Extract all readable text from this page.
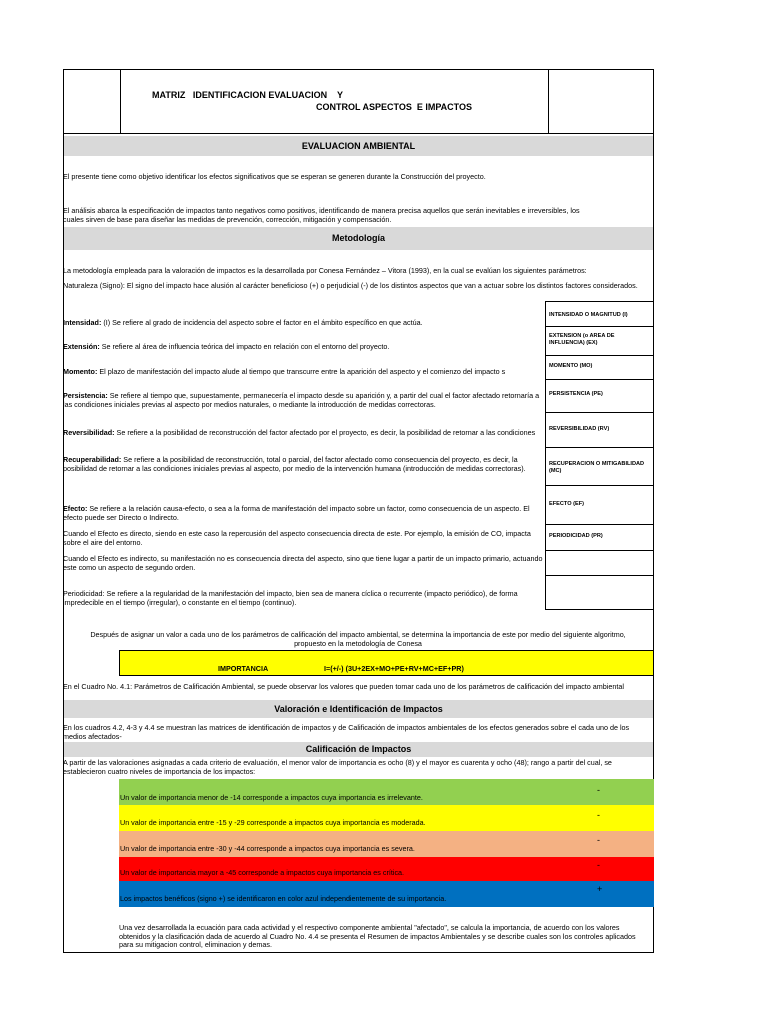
MATRIZ   IDENTIFICACION EVALUACION    Y
CONTROL ASPECTOS  E IMPACTOS
EVALUACION AMBIENTAL
El presente tiene como objetivo identificar los efectos significativos que se esperan se generen durante la Construcción del proyecto.
El análisis abarca la especificación de impactos tanto negativos como positivos, identificando de manera precisa aquellos que serán inevitables e irreversibles, los
cuales sirven de base para diseñar las medidas de prevención, corrección, mitigación y compensación.
Metodología
La metodología empleada para la valoración de impactos es la desarrollada por Conesa Fernández – Vitora (1993), en la cual se evalúan los siguientes parámetros:
Naturaleza (Signo): El signo del impacto hace alusión al carácter beneficioso (+) o perjudicial (-) de los distintos aspectos que van a actuar sobre los distintos factores considerados.
INTENSIDAD O MAGNITUD (I)
EXTENSION (o AREA DE INFLUENCIA) (EX)
MOMENTO (MO)
PERSISTENCIA (PE)
REVERSIBILIDAD (RV)
RECUPERACION O MITIGABILIDAD (MC)
EFECTO (EF)
PERIODICIDAD (PR)
Intensidad: (I) Se refiere al grado de incidencia del aspecto sobre el factor en el ámbito específico en que actúa.
Extensión: Se refiere al área de influencia teórica del impacto en relación con el entorno del proyecto.
Momento: El plazo de manifestación del impacto alude al tiempo que transcurre entre la aparición del aspecto y el comienzo del impacto s
Persistencia: Se refiere al tiempo que, supuestamente, permanecería el impacto desde su aparición y, a partir del cual el factor afectado retornaría a las condiciones iniciales previas al aspecto por medios naturales, o mediante la introducción de medidas correctoras.
Reversibilidad: Se refiere a la posibilidad de reconstrucción del factor afectado por el proyecto, es decir, la posibilidad de retornar a las condiciones
Recuperabilidad: Se refiere a la posibilidad de reconstrucción, total o parcial, del factor afectado como consecuencia del proyecto, es decir, la posibilidad de retornar a las condiciones iniciales previas al aspecto, por medio de la intervención humana (introducción de medidas correctoras).
Efecto: Se refiere a la relación causa-efecto, o sea a la forma de manifestación del impacto sobre un factor, como consecuencia de un aspecto. El efecto puede ser Directo o Indirecto.
Cuando el Efecto es directo, siendo en este caso la repercusión del aspecto consecuencia directa de este. Por ejemplo, la emisión de CO, impacta sobre el aire del entorno.
Cuando el Efecto es indirecto, su manifestación no es consecuencia directa del aspecto, sino que tiene lugar a partir de un impacto primario, actuando este como un aspecto de segundo orden.
Periodicidad: Se refiere a la regularidad de la manifestación del impacto, bien sea de manera cíclica o recurrente (impacto periódico), de forma impredecible en el tiempo (irregular), o constante en el tiempo (continuo).
Después de asignar un valor a cada uno de los parámetros de calificación del impacto ambiental, se determina la importancia de este por medio del siguiente algoritmo,
propuesto en la metodología de Conesa
IMPORTANCIA	I=(+/-) (3U+2EX+MO+PE+RV+MC+EF+PR)
En el Cuadro No. 4.1: Parámetros de Calificación Ambiental, se puede observar los valores que pueden tomar cada uno de los parámetros de calificación del impacto ambiental
Valoración e Identificación de Impactos
En los cuadros 4.2, 4-3 y 4.4 se muestran las matrices de identificación de impactos y de Calificación de impactos ambientales de los efectos generados sobre el cada uno de los medios afectados-
Calificación de Impactos
A partir de las valoraciones asignadas a cada criterio de evaluación, el menor valor de importancia es ocho (8) y el mayor es cuarenta y ocho (48); rango a partir del cual, se establecieron cuatro niveles de importancia de los impactos:
Un valor de importancia menor de -14 corresponde a impactos cuya importancia es irrelevante.
-
Un valor de importancia entre -15 y -29 corresponde a impactos cuya importancia es moderada.
-
Un valor de importancia entre -30 y -44 corresponde a impactos cuya importancia es severa.
-
Un valor de importancia mayor a -45 corresponde a impactos cuya importancia es crítica.
-
Los impactos benéficos (signo +) se identificaron en color azul independientemente de su importancia.
+
Una vez desarrollada la ecuación para cada actividad y el respectivo componente ambiental "afectado", se calcula la importancia, de acuerdo con los valores obtenidos y la clasificación dada de acuerdo al Cuadro No. 4.4 se presenta el Resumen de impactos Ambientales y se describe cuales son los controles aplicados para su mitigacion control, eliminacion y demas.
